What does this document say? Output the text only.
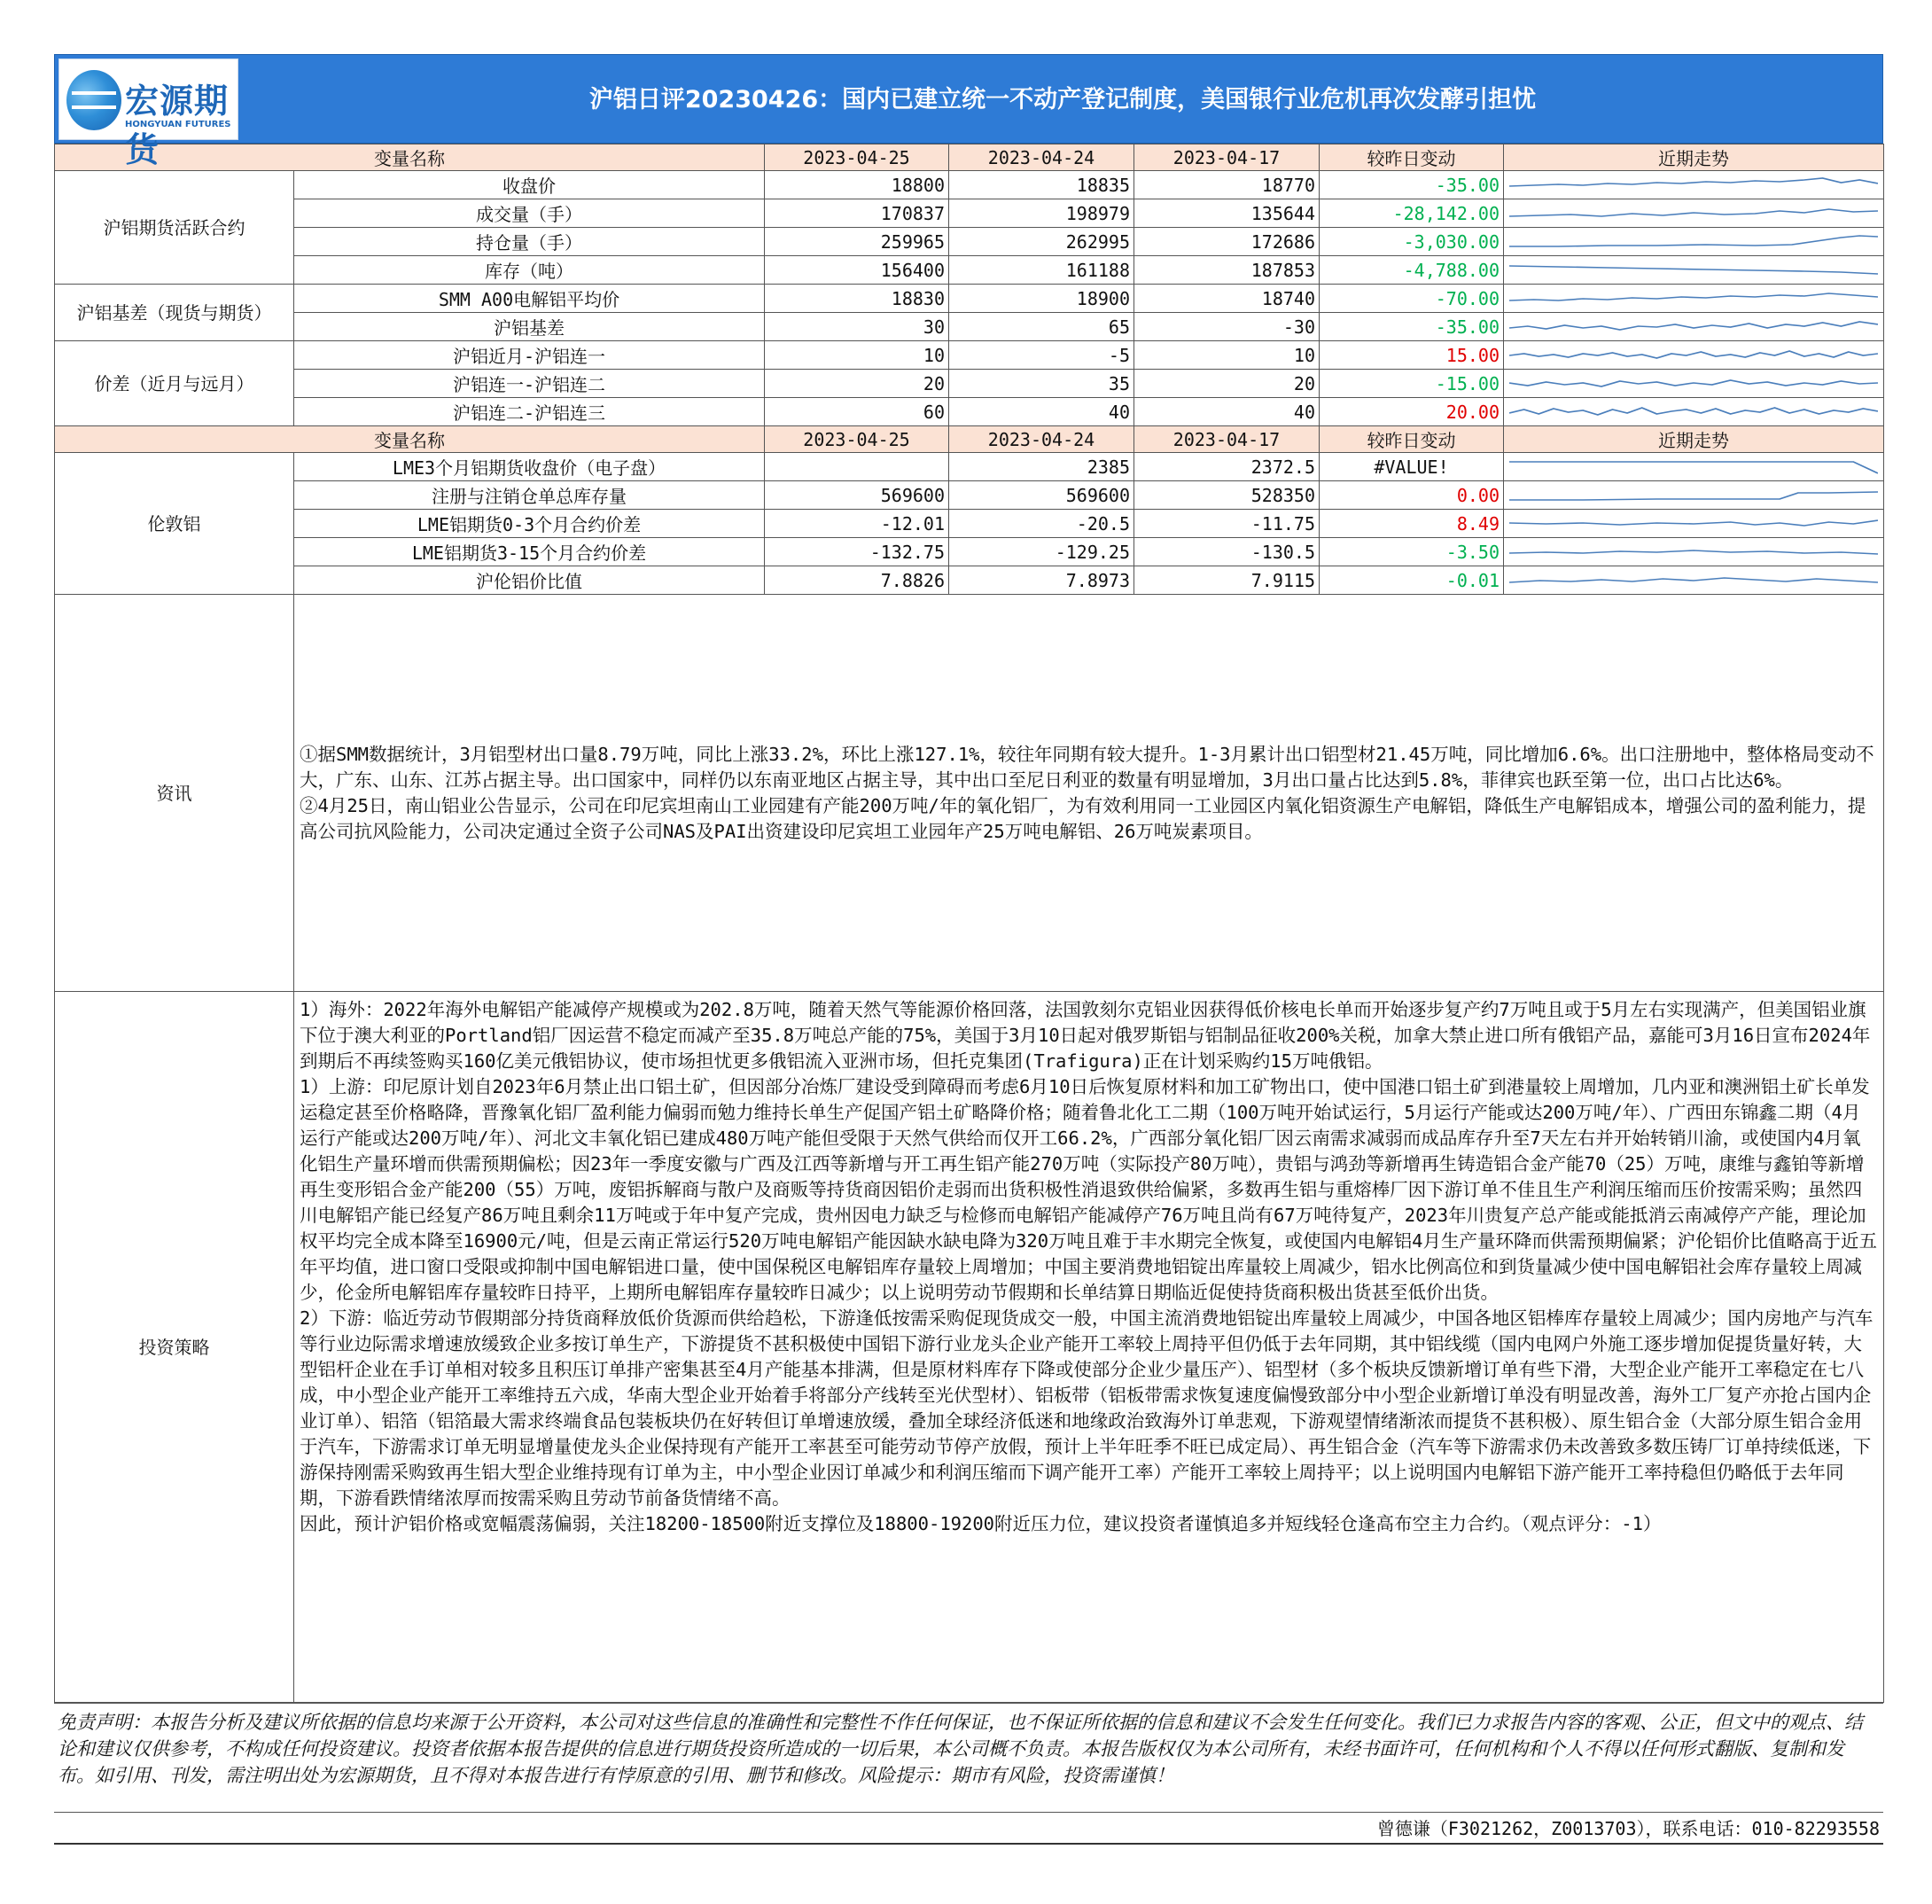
宏源期货
HONGYUAN FUTURES
沪铝日评20230426：国内已建立统一不动产登记制度，美国银行业危机再次发酵引担忧
变量名称		2023-04-25	2023-04-24	2023-04-17	较昨日变动	近期走势
沪铝期货活跃合约	收盘价	18800	18835	18770	-35.00	

	成交量（手）	170837	198979	135644	-28,142.00	

	持仓量（手）	259965	262995	172686	-3,030.00	

	库存（吨）	156400	161188	187853	-4,788.00	

沪铝基差（现货与期货）	SMM A00电解铝平均价	18830	18900	18740	-70.00	

	沪铝基差	30	65	-30	-35.00	

价差（近月与远月）	沪铝近月-沪铝连一	10	-5	10	15.00	

	沪铝连一-沪铝连二	20	35	20	-15.00	

	沪铝连二-沪铝连三	60	40	40	20.00	

变量名称		2023-04-25	2023-04-24	2023-04-17	较昨日变动	近期走势
伦敦铝	LME3个月铝期货收盘价（电子盘）		2385	2372.5	#VALUE!	

	注册与注销仓单总库存量	569600	569600	528350	0.00	

	LME铝期货0-3个月合约价差	-12.01	-20.5	-11.75	8.49	

	LME铝期货3-15个月合约价差	-132.75	-129.25	-130.5	-3.50	

	沪伦铝价比值	7.8826	7.8973	7.9115	-0.01	

资讯	①据SMM数据统计，3月铝型材出口量8.79万吨，同比上涨33.2%，环比上涨127.1%，较往年同期有较大提升。1-3月累计出口铝型材21.45万吨，同比增加6.6%。出口注册地中，整体格局变动不大，广东、山东、江苏占据主导。出口国家中，同样仍以东南亚地区占据主导，其中出口至尼日利亚的数量有明显增加，3月出口量占比达到5.8%，菲律宾也跃至第一位，出口占比达6%。
②4月25日，南山铝业公告显示，公司在印尼宾坦南山工业园建有产能200万吨/年的氧化铝厂，为有效利用同一工业园区内氧化铝资源生产电解铝，降低生产电解铝成本，增强公司的盈利能力，提高公司抗风险能力，公司决定通过全资子公司NAS及PAI出资建设印尼宾坦工业园年产25万吨电解铝、26万吨炭素项目。					

投资策略	1）海外：2022年海外电解铝产能减停产规模或为202.8万吨，随着天然气等能源价格回落，法国敦刻尔克铝业因获得低价核电长单而开始逐步复产约7万吨且或于5月左右实现满产，但美国铝业旗下位于澳大利亚的Portland铝厂因运营不稳定而减产至35.8万吨总产能的75%，美国于3月10日起对俄罗斯铝与铝制品征收200%关税，加拿大禁止进口所有俄铝产品，嘉能可3月16日宣布2024年到期后不再续签购买160亿美元俄铝协议，使市场担忧更多俄铝流入亚洲市场，但托克集团(Trafigura)正在计划采购约15万吨俄铝。
1）上游：印尼原计划自2023年6月禁止出口铝土矿，但因部分冶炼厂建设受到障碍而考虑6月10日后恢复原材料和加工矿物出口，使中国港口铝土矿到港量较上周增加，几内亚和澳洲铝土矿长单发运稳定甚至价格略降，晋豫氧化铝厂盈利能力偏弱而勉力维持长单生产促国产铝土矿略降价格；随着鲁北化工二期（100万吨开始试运行，5月运行产能或达200万吨/年）、广西田东锦鑫二期（4月运行产能或达200万吨/年）、河北文丰氧化铝已建成480万吨产能但受限于天然气供给而仅开工66.2%，广西部分氧化铝厂因云南需求减弱而成品库存升至7天左右并开始转销川渝，或使国内4月氧化铝生产量环增而供需预期偏松；因23年一季度安徽与广西及江西等新增与开工再生铝产能270万吨（实际投产80万吨），贵铝与鸿劲等新增再生铸造铝合金产能70（25）万吨，康维与鑫铂等新增再生变形铝合金产能200（55）万吨，废铝拆解商与散户及商贩等持货商因铝价走弱而出货积极性消退致供给偏紧，多数再生铝与重熔棒厂因下游订单不佳且生产利润压缩而压价按需采购；虽然四川电解铝产能已经复产86万吨且剩余11万吨或于年中复产完成，贵州因电力缺乏与检修而电解铝产能减停产76万吨且尚有67万吨待复产，2023年川贵复产总产能或能抵消云南减停产产能，理论加权平均完全成本降至16900元/吨，但是云南正常运行520万吨电解铝产能因缺水缺电降为320万吨且难于丰水期完全恢复，或使国内电解铝4月生产量环降而供需预期偏紧；沪伦铝价比值略高于近五年平均值，进口窗口受限或抑制中国电解铝进口量，使中国保税区电解铝库存量较上周增加；中国主要消费地铝锭出库量较上周减少，铝水比例高位和到货量减少使中国电解铝社会库存量较上周减少，伦金所电解铝库存量较昨日持平，上期所电解铝库存量较昨日减少；以上说明劳动节假期和长单结算日期临近促使持货商积极出货甚至低价出货。
2）下游：临近劳动节假期部分持货商释放低价货源而供给趋松，下游逢低按需采购促现货成交一般，中国主流消费地铝锭出库量较上周减少，中国各地区铝棒库存量较上周减少；国内房地产与汽车等行业边际需求增速放缓致企业多按订单生产，下游提货不甚积极使中国铝下游行业龙头企业产能开工率较上周持平但仍低于去年同期，其中铝线缆（国内电网户外施工逐步增加促提货量好转，大型铝杆企业在手订单相对较多且积压订单排产密集甚至4月产能基本排满，但是原材料库存下降或使部分企业少量压产）、铝型材（多个板块反馈新增订单有些下滑，大型企业产能开工率稳定在七八成，中小型企业产能开工率维持五六成，华南大型企业开始着手将部分产线转至光伏型材）、铝板带（铝板带需求恢复速度偏慢致部分中小型企业新增订单没有明显改善，海外工厂复产亦抢占国内企业订单）、铝箔（铝箔最大需求终端食品包装板块仍在好转但订单增速放缓，叠加全球经济低迷和地缘政治致海外订单悲观，下游观望情绪渐浓而提货不甚积极）、原生铝合金（大部分原生铝合金用于汽车，下游需求订单无明显增量使龙头企业保持现有产能开工率甚至可能劳动节停产放假，预计上半年旺季不旺已成定局）、再生铝合金（汽车等下游需求仍未改善致多数压铸厂订单持续低迷，下游保持刚需采购致再生铝大型企业维持现有订单为主，中小型企业因订单减少和利润压缩而下调产能开工率）产能开工率较上周持平；以上说明国内电解铝下游产能开工率持稳但仍略低于去年同期，下游看跌情绪浓厚而按需采购且劳动节前备货情绪不高。
因此，预计沪铝价格或宽幅震荡偏弱，关注18200-18500附近支撑位及18800-19200附近压力位，建议投资者谨慎追多并短线轻仓逢高布空主力合约。（观点评分：-1）					
免责声明：本报告分析及建议所依据的信息均来源于公开资料，本公司对这些信息的准确性和完整性不作任何保证，也不保证所依据的信息和建议不会发生任何变化。我们已力求报告内容的客观、公正，但文中的观点、结论和建议仅供参考，不构成任何投资建议。投资者依据本报告提供的信息进行期货投资所造成的一切后果，本公司概不负责。本报告版权仅为本公司所有，未经书面许可，任何机构和个人不得以任何形式翻版、复制和发布。如引用、刊发，需注明出处为宏源期货，且不得对本报告进行有悖原意的引用、删节和修改。风险提示：期市有风险，投资需谨慎！
曾德谦（F3021262，Z0013703），联系电话：010-82293558
